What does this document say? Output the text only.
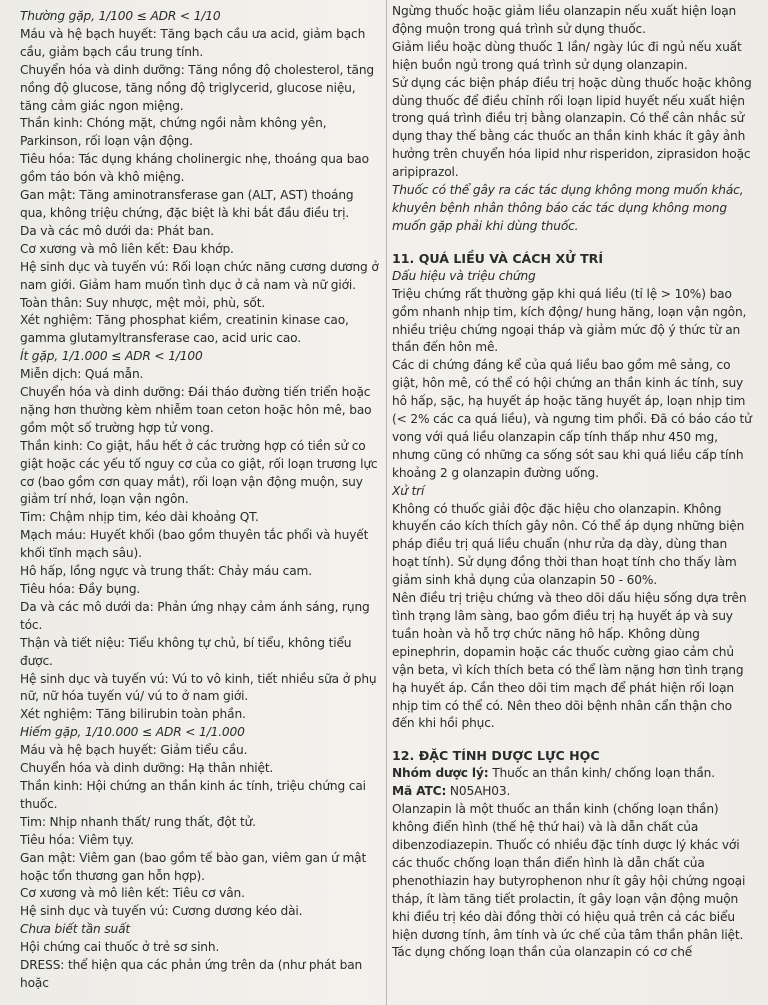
Thường gặp, 1/100 ≤ ADR < 1/10

Máu và hệ bạch huyết: Tăng bạch cầu ưa acid, giảm bạch cầu, giảm bạch cầu trung tính.

Chuyển hóa và dinh dưỡng: Tăng nồng độ cholesterol, tăng nồng độ glucose, tăng nồng độ triglycerid, glucose niệu, tăng cảm giác ngon miệng.

Thần kinh: Chóng mặt, chứng ngồi nằm không yên, Parkinson, rối loạn vận động.

Tiêu hóa: Tác dụng kháng cholinergic nhẹ, thoáng qua bao gồm táo bón và khô miệng.

Gan mật: Tăng aminotransferase gan (ALT, AST) thoáng qua, không triệu chứng, đặc biệt là khi bắt đầu điều trị.

Da và các mô dưới da: Phát ban.

Cơ xương và mô liên kết: Đau khớp.

Hệ sinh dục và tuyến vú: Rối loạn chức năng cương dương ở nam giới. Giảm ham muốn tình dục ở cả nam và nữ giới.

Toàn thân: Suy nhược, mệt mỏi, phù, sốt.

Xét nghiệm: Tăng phosphat kiềm, creatinin kinase cao, gamma glutamyltransferase cao, acid uric cao.

Ít gặp, 1/1.000 ≤ ADR < 1/100

Miễn dịch: Quá mẫn.

Chuyển hóa và dinh dưỡng: Đái tháo đường tiến triển hoặc nặng hơn thường kèm nhiễm toan ceton hoặc hôn mê, bao gồm một số trường hợp tử vong.

Thần kinh: Co giật, hầu hết ở các trường hợp có tiền sử co giật hoặc các yếu tố nguy cơ của co giật, rối loạn trương lực cơ (bao gồm cơn quay mắt), rối loạn vận động muộn, suy giảm trí nhớ, loạn vận ngôn.

Tim: Chậm nhịp tim, kéo dài khoảng QT.

Mạch máu: Huyết khối (bao gồm thuyên tắc phổi và huyết khối tĩnh mạch sâu).

Hô hấp, lồng ngực và trung thất: Chảy máu cam.

Tiêu hóa: Đầy bụng.

Da và các mô dưới da: Phản ứng nhạy cảm ánh sáng, rụng tóc.

Thận và tiết niệu: Tiểu không tự chủ, bí tiểu, không tiểu được.

Hệ sinh dục và tuyến vú: Vú to vô kinh, tiết nhiều sữa ở phụ nữ, nữ hóa tuyến vú/ vú to ở nam giới.

Xét nghiệm: Tăng bilirubin toàn phần.

Hiếm gặp, 1/10.000 ≤ ADR < 1/1.000

Máu và hệ bạch huyết: Giảm tiểu cầu.

Chuyển hóa và dinh dưỡng: Hạ thân nhiệt.

Thần kinh: Hội chứng an thần kinh ác tính, triệu chứng cai thuốc.

Tim: Nhịp nhanh thất/ rung thất, đột tử.

Tiêu hóa: Viêm tụy.

Gan mật: Viêm gan (bao gồm tế bào gan, viêm gan ứ mật hoặc tổn thương gan hỗn hợp).

Cơ xương và mô liên kết: Tiêu cơ vân.

Hệ sinh dục và tuyến vú: Cương dương kéo dài.

Chưa biết tần suất

Hội chứng cai thuốc ở trẻ sơ sinh.

DRESS: thể hiện qua các phản ứng trên da (như phát ban hoặc

Ngừng thuốc hoặc giảm liều olanzapin nếu xuất hiện loạn động muộn trong quá trình sử dụng thuốc.

Giảm liều hoặc dùng thuốc 1 lần/ ngày lúc đi ngủ nếu xuất hiện buồn ngủ trong quá trình sử dụng olanzapin.

Sử dụng các biện pháp điều trị hoặc dùng thuốc hoặc không dùng thuốc để điều chỉnh rối loạn lipid huyết nếu xuất hiện trong quá trình điều trị bằng olanzapin. Có thể cân nhắc sử dụng thay thế bằng các thuốc an thần kinh khác ít gây ảnh hưởng trên chuyển hóa lipid như risperidon, ziprasidon hoặc aripiprazol.

Thuốc có thể gây ra các tác dụng không mong muốn khác, khuyên bệnh nhân thông báo các tác dụng không mong muốn gặp phải khi dùng thuốc.

11. QUÁ LIỀU VÀ CÁCH XỬ TRÍ

Dấu hiệu và triệu chứng

Triệu chứng rất thường gặp khi quá liều (tỉ lệ > 10%) bao gồm nhanh nhịp tim, kích động/ hung hăng, loạn vận ngôn, nhiều triệu chứng ngoại tháp và giảm mức độ ý thức từ an thần đến hôn mê.

Các di chứng đáng kể của quá liều bao gồm mê sảng, co giật, hôn mê, có thể có hội chứng an thần kinh ác tính, suy hô hấp, sặc, hạ huyết áp hoặc tăng huyết áp, loạn nhịp tim (< 2% các ca quá liều), và ngưng tim phổi. Đã có báo cáo tử vong với quá liều olanzapin cấp tính thấp như 450 mg, nhưng cũng có những ca sống sót sau khi quá liều cấp tính khoảng 2 g olanzapin đường uống.

Xử trí

Không có thuốc giải độc đặc hiệu cho olanzapin. Không khuyến cáo kích thích gây nôn. Có thể áp dụng những biện pháp điều trị quá liều chuẩn (như rửa dạ dày, dùng than hoạt tính). Sử dụng đồng thời than hoạt tính cho thấy làm giảm sinh khả dụng của olanzapin 50 - 60%.

Nên điều trị triệu chứng và theo dõi dấu hiệu sống dựa trên tình trạng lâm sàng, bao gồm điều trị hạ huyết áp và suy tuần hoàn và hỗ trợ chức năng hô hấp. Không dùng epinephrin, dopamin hoặc các thuốc cường giao cảm chủ vận beta, vì kích thích beta có thể làm nặng hơn tình trạng hạ huyết áp. Cần theo dõi tim mạch để phát hiện rối loạn nhịp tim có thể có. Nên theo dõi bệnh nhân cẩn thận cho đến khi hồi phục.

12. ĐẶC TÍNH DƯỢC LỰC HỌC

Nhóm dược lý: Thuốc an thần kinh/ chống loạn thần.

Mã ATC: N05AH03.

Olanzapin là một thuốc an thần kinh (chống loạn thần) không điển hình (thế hệ thứ hai) và là dẫn chất của dibenzodiazepin. Thuốc có nhiều đặc tính dược lý khác với các thuốc chống loạn thần điển hình là dẫn chất của phenothiazin hay butyrophenon như ít gây hội chứng ngoại tháp, ít làm tăng tiết prolactin, ít gây loạn vận động muộn khi điều trị kéo dài đồng thời có hiệu quả trên cả các biểu hiện dương tính, âm tính và ức chế của tâm thần phân liệt. Tác dụng chống loạn thần của olanzapin có cơ chế
